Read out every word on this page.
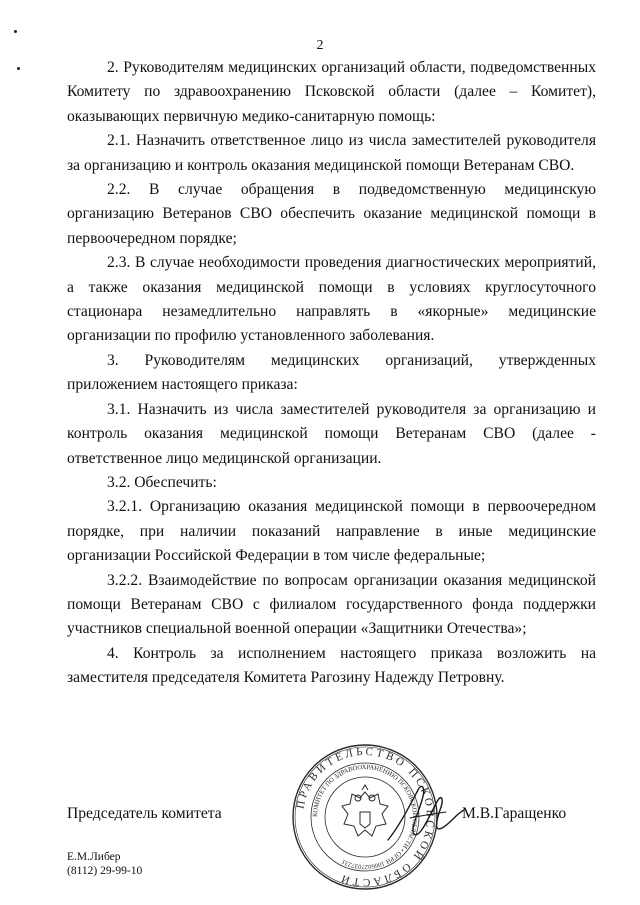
2

2. Руководителям медицинских организаций области, подведомственных Комитету по здравоохранению Псковской области (далее – Комитет), оказывающих первичную медико-санитарную помощь:

2.1. Назначить ответственное лицо из числа заместителей руководителя за организацию и контроль оказания медицинской помощи Ветеранам СВО.

2.2. В случае обращения в подведомственную медицинскую организацию Ветеранов СВО обеспечить оказание медицинской помощи в первоочередном порядке;

2.3. В случае необходимости проведения диагностических мероприятий, а также оказания медицинской помощи в условиях круглосуточного стационара незамедлительно направлять в «якорные» медицинские организации по профилю установленного заболевания.

3. Руководителям медицинских организаций, утвержденных приложением настоящего приказа:

3.1. Назначить из числа заместителей руководителя за организацию и контроль оказания медицинской помощи Ветеранам СВО (далее - ответственное лицо медицинской организации.

3.2. Обеспечить:

3.2.1. Организацию оказания медицинской помощи в первоочередном порядке, при наличии показаний направление в иные медицинские организации Российской Федерации в том числе федеральные;

3.2.2. Взаимодействие по вопросам организации оказания медицинской помощи Ветеранам СВО с филиалом государственного фонда поддержки участников специальной военной операции «Защитники Отечества»;

4. Контроль за исполнением настоящего приказа возложить на заместителя председателя Комитета Рагозину Надежду Петровну.

ПРАВИТЕЛЬСТВО ПСКОВСКОЙ ОБЛАСТИ
КОМИТЕТ ПО ЗДРАВООХРАНЕНИЮ ПСКОВСКОЙ ОБЛАСТИ • ОГРН 1066027037231
Председатель комитета	М.В.Гаращенко
Е.М.Либер
(8112) 29-99-10
